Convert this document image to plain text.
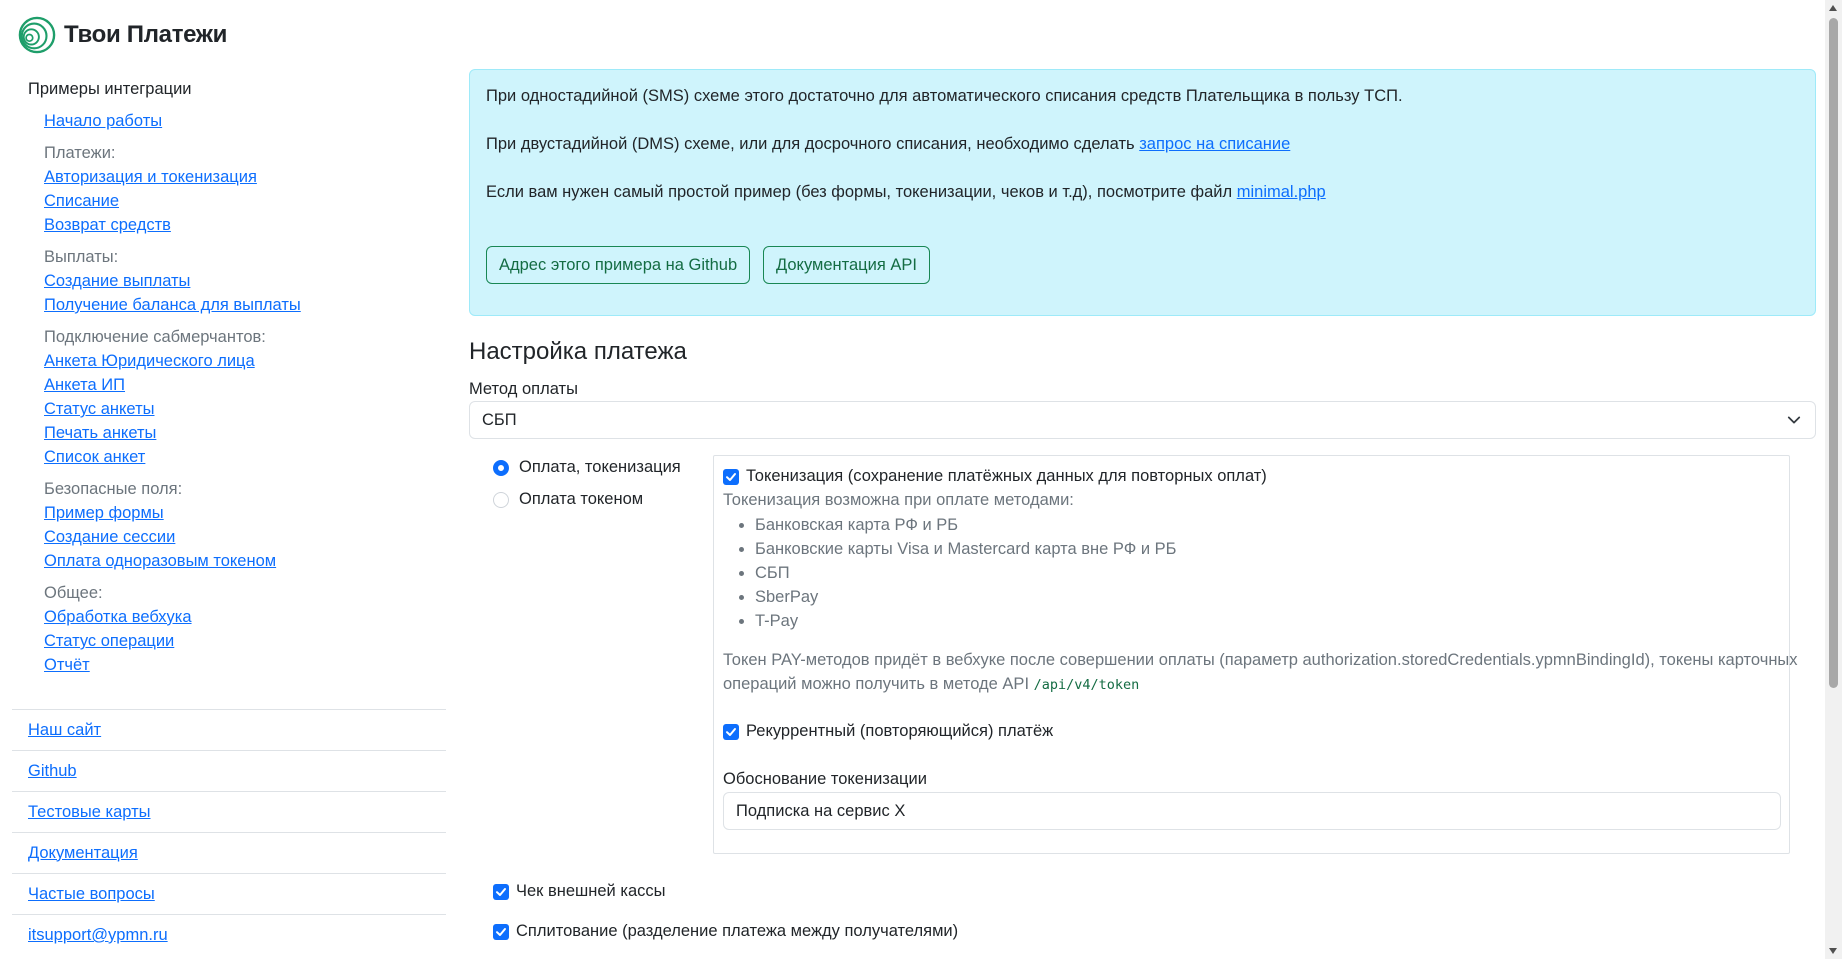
Твои Платежи
Примеры интеграции
Начало работы
Платежи:
Авторизация и токенизация
Списание
Возврат средств
Выплаты:
Создание выплаты
Получение баланса для выплаты
Подключение сабмерчантов:
Анкета Юридического лица
Анкета ИП
Статус анкеты
Печать анкеты
Список анкет
Безопасные поля:
Пример формы
Создание сессии
Оплата одноразовым токеном
Общее:
Обработка вебхука
Статус операции
Отчёт
Наш сайт
Github
Тестовые карты
Документация
Частые вопросы
itsupport@ypmn.ru
При одностадийной (SMS) схеме этого достаточно для автоматического списания средств Плательщика в пользу ТСП.
При двустадийной (DMS) схеме, или для досрочного списания, необходимо сделать запрос на списание
Если вам нужен самый простой пример (без формы, токенизации, чеков и т.д), посмотрите файл minimal.php
Адрес этого примера на Github	Документация API
Настройка платежа
Метод оплаты
СБП
Оплата, токенизация
Оплата токеном
Токенизация (сохранение платёжных данных для повторных оплат)
Токенизация возможна при оплате методами:
• Банковская карта РФ и РБ
• Банковские карты Visa и Mastercard карта вне РФ и РБ
• СБП
• SberPay
• T-Pay
Токен PAY-методов придёт в вебхуке после совершении оплаты (параметр authorization.storedCredentials.ypmnBindingId), токены карточных
операций можно получить в методе API /api/v4/token
Рекуррентный (повторяющийся) платёж
Обоснование токенизации
Подписка на сервис X
Чек внешней кассы
Сплитование (разделение платежа между получателями)
